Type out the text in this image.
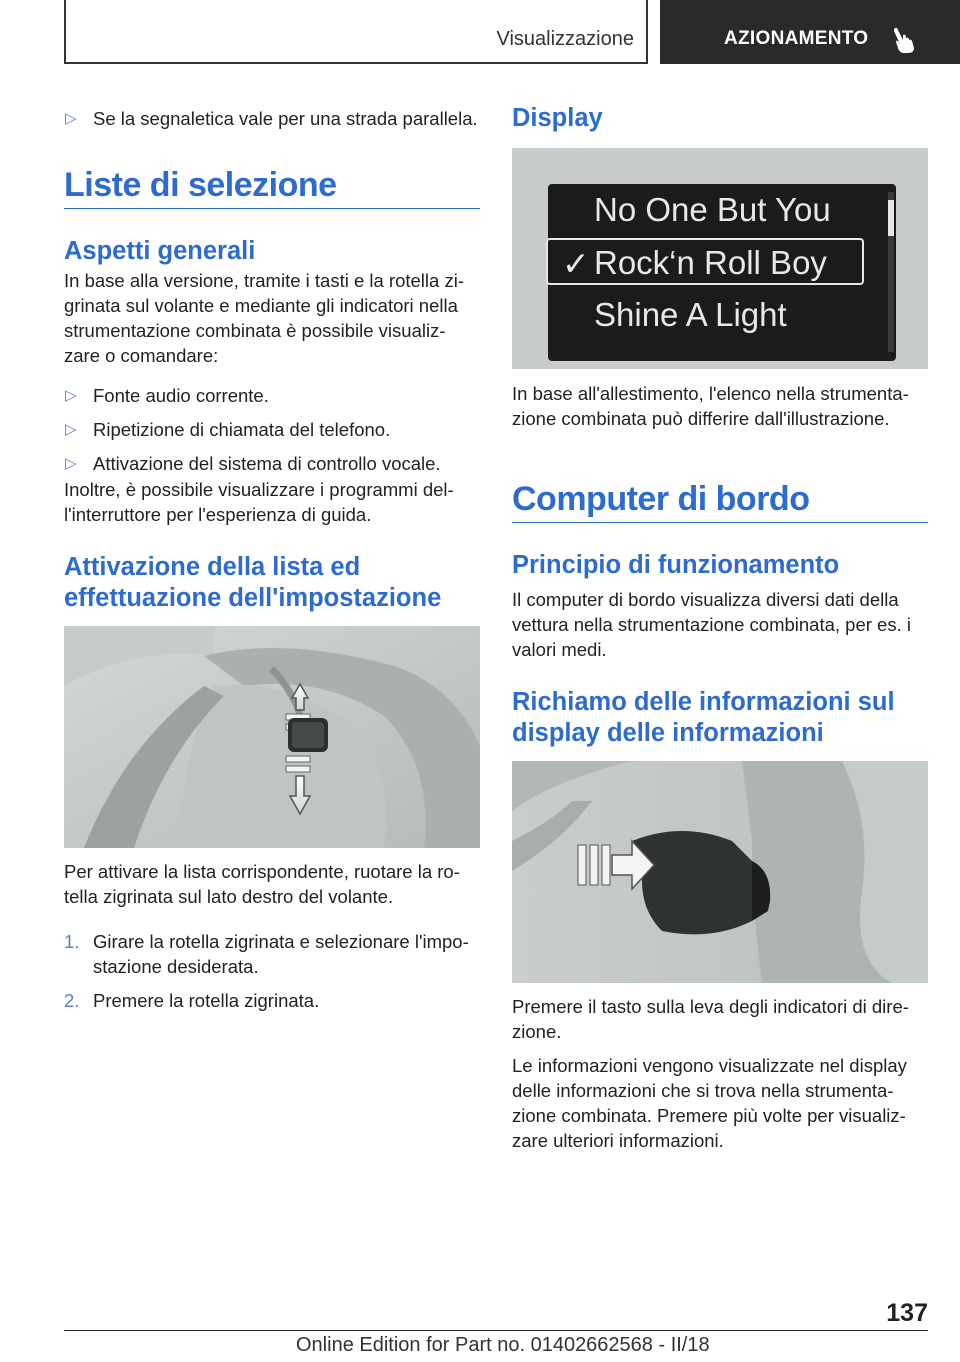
Visualizzazione	AZIONAMENTO
▷ Se la segnaletica vale per una strada parallela.
Liste di selezione
Aspetti generali
In base alla versione, tramite i tasti e la rotella zi-
grinata sul volante e mediante gli indicatori nella
strumentazione combinata è possibile visualiz-
zare o comandare:
▷ Fonte audio corrente.
▷ Ripetizione di chiamata del telefono.
▷ Attivazione del sistema di controllo vocale.
Inoltre, è possibile visualizzare i programmi del-
l'interruttore per l'esperienza di guida.
Attivazione della lista ed
effettuazione dell'impostazione
Per attivare la lista corrispondente, ruotare la ro-
tella zigrinata sul lato destro del volante.
1. Girare la rotella zigrinata e selezionare l'impo-
stazione desiderata.
2. Premere la rotella zigrinata.
Display
No One But You
✓ Rock‘n Roll Boy
Shine A Light
In base all'allestimento, l'elenco nella strumenta-
zione combinata può differire dall'illustrazione.
Computer di bordo
Principio di funzionamento
Il computer di bordo visualizza diversi dati della
vettura nella strumentazione combinata, per es. i
valori medi.
Richiamo delle informazioni sul
display delle informazioni
Premere il tasto sulla leva degli indicatori di dire-
zione.
Le informazioni vengono visualizzate nel display
delle informazioni che si trova nella strumenta-
zione combinata. Premere più volte per visualiz-
zare ulteriori informazioni.
137
Online Edition for Part no. 01402662568 - II/18
